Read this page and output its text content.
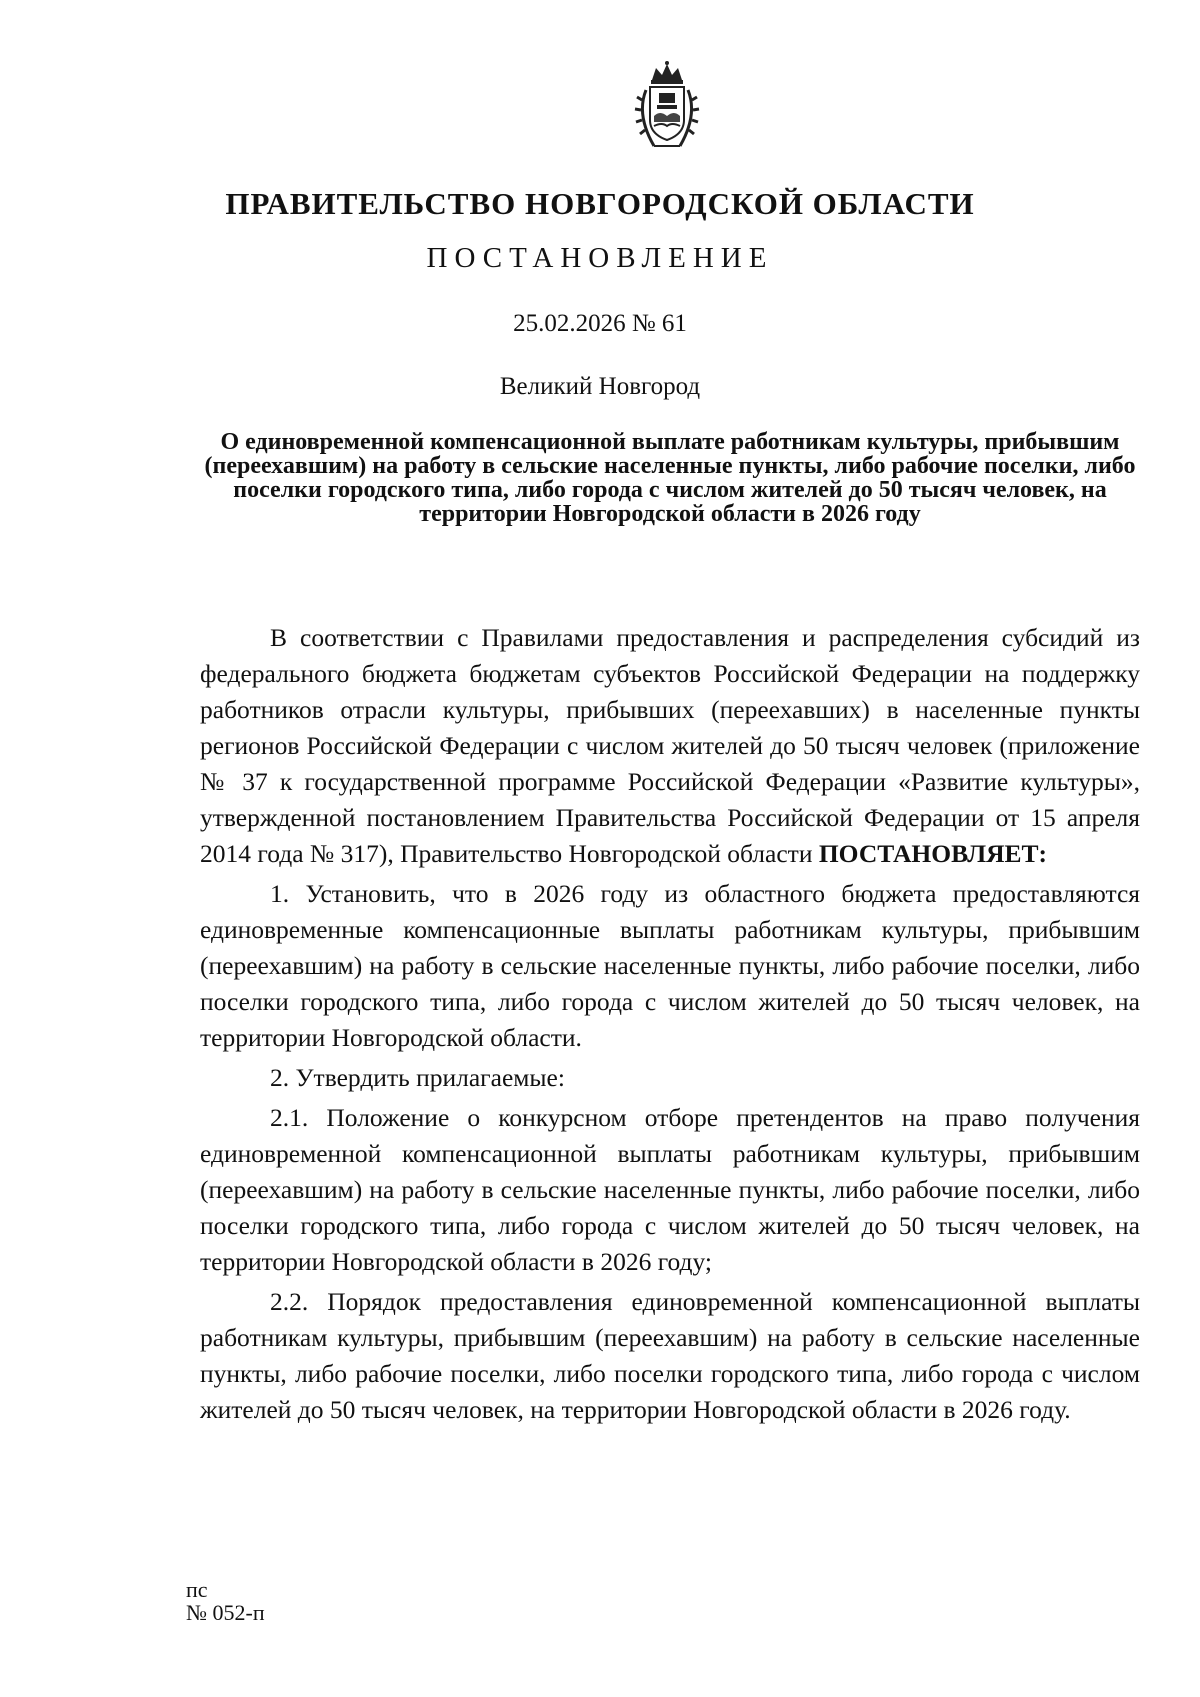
ПРАВИТЕЛЬСТВО НОВГОРОДСКОЙ ОБЛАСТИ
ПОСТАНОВЛЕНИЕ
25.02.2026 № 61
Великий Новгород
О единовременной компенсационной выплате работникам культуры, прибывшим (переехавшим) на работу в сельские населенные пункты, либо рабочие поселки, либо поселки городского типа, либо города с числом жителей до 50 тысяч человек, на территории Новгородской области в 2026 году

В соответствии с Правилами предоставления и распределения субсидий из федерального бюджета бюджетам субъектов Российской Федерации на поддержку работников отрасли культуры, прибывших (переехавших) в населенные пункты регионов Российской Федерации с числом жителей до 50 тысяч человек (приложение № 37 к государственной программе Российской Федерации «Развитие культуры», утвержденной постановлением Правительства Российской Федерации от 15 апреля 2014 года № 317), Правительство Новгородской области ПОСТАНОВЛЯЕТ:

1. Установить, что в 2026 году из областного бюджета предоставляются единовременные компенсационные выплаты работникам культуры, прибывшим (переехавшим) на работу в сельские населенные пункты, либо рабочие поселки, либо поселки городского типа, либо города с числом жителей до 50 тысяч человек, на территории Новгородской области.

2. Утвердить прилагаемые:

2.1. Положение о конкурсном отборе претендентов на право получения единовременной компенсационной выплаты работникам культуры, прибывшим (переехавшим) на работу в сельские населенные пункты, либо рабочие поселки, либо поселки городского типа, либо города с числом жителей до 50 тысяч человек, на территории Новгородской области в 2026 году;

2.2. Порядок предоставления единовременной компенсационной выплаты работникам культуры, прибывшим (переехавшим) на работу в сельские населенные пункты, либо рабочие поселки, либо поселки городского типа, либо города с числом жителей до 50 тысяч человек, на территории Новгородской области в 2026 году.

пс
№ 052-п
